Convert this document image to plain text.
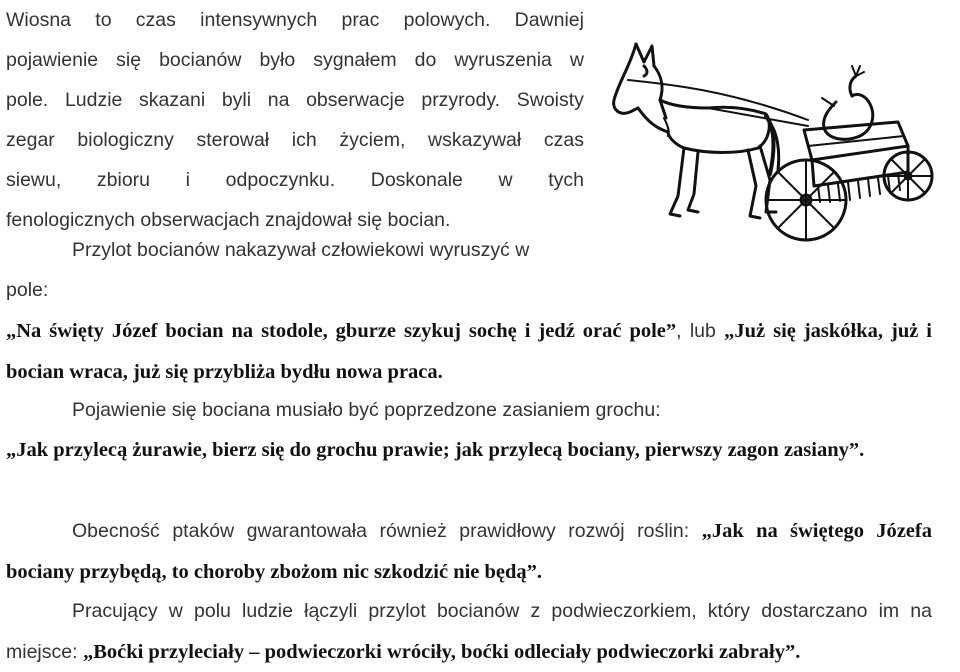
Wiosna to czas intensywnych prac polowych. Dawniej
pojawienie się bocianów było sygnałem do wyruszenia w
pole. Ludzie skazani byli na obserwacje przyrody. Swoisty
zegar biologiczny sterował ich życiem, wskazywał czas
siewu, zbioru i odpoczynku. Doskonale w tych
fenologicznych obserwacjach znajdował się bocian.
Przylot bocianów nakazywał człowiekowi wyruszyć w
pole:
„Na święty Józef bocian na stodole, gburze szykuj sochę i jedź orać pole”, lub „Już się jaskółka, już i bocian wraca, już się przybliża bydłu nowa praca.
Pojawienie się bociana musiało być poprzedzone zasianiem grochu:
„Jak przylecą żurawie, bierz się do grochu prawie; jak przylecą bociany, pierwszy zagon zasiany”.
Obecność ptaków gwarantowała również prawidłowy rozwój roślin: „Jak na świętego Józefa bociany przybędą, to choroby zbożom nic szkodzić nie będą”.
Pracujący w polu ludzie łączyli przylot bocianów z podwieczorkiem, który dostarczano im na miejsce: „Boćki przyleciały – podwieczorki wróciły, boćki odleciały podwieczorki zabrały”.
